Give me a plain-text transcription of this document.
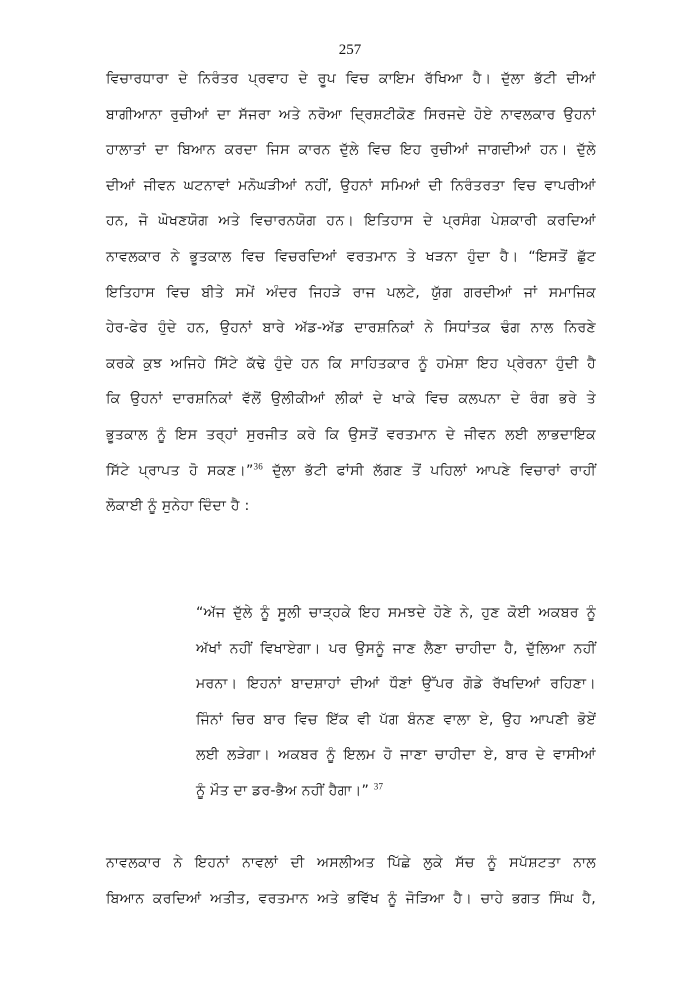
257
ਵਿਚਾਰਧਾਰਾ ਦੇ ਨਿਰੰਤਰ ਪ੍ਰਵਾਹ ਦੇ ਰੂਪ ਵਿਚ ਕਾਇਮ ਰੱਖਿਆ ਹੈ। ਦੁੱਲਾ ਭੱਟੀ ਦੀਆਂ
ਬਾਗੀਆਨਾ ਰੁਚੀਆਂ ਦਾ ਸੱਜਰਾ ਅਤੇ ਨਰੋਆ ਦ੍ਰਿਸ਼ਟੀਕੋਣ ਸਿਰਜਦੇ ਹੋਏ ਨਾਵਲਕਾਰ ਉਹਨਾਂ
ਹਾਲਾਤਾਂ ਦਾ ਬਿਆਨ ਕਰਦਾ ਜਿਸ ਕਾਰਨ ਦੁੱਲੇ ਵਿਚ ਇਹ ਰੁਚੀਆਂ ਜਾਗਦੀਆਂ ਹਨ। ਦੁੱਲੇ
ਦੀਆਂ ਜੀਵਨ ਘਟਨਾਵਾਂ ਮਨੋਘੜੀਆਂ ਨਹੀਂ, ਉਹਨਾਂ ਸਮਿਆਂ ਦੀ ਨਿਰੰਤਰਤਾ ਵਿਚ ਵਾਪਰੀਆਂ
ਹਨ, ਜੋ ਘੋਖਣਯੋਗ ਅਤੇ ਵਿਚਾਰਨਯੋਗ ਹਨ। ਇਤਿਹਾਸ ਦੇ ਪ੍ਰਸੰਗ ਪੇਸ਼ਕਾਰੀ ਕਰਦਿਆਂ
ਨਾਵਲਕਾਰ ਨੇ ਭੂਤਕਾਲ ਵਿਚ ਵਿਚਰਦਿਆਂ ਵਰਤਮਾਨ ਤੇ ਖੜਨਾ ਹੁੰਦਾ ਹੈ। “ਇਸਤੋਂ ਛੁੱਟ
ਇਤਿਹਾਸ ਵਿਚ ਬੀਤੇ ਸਮੇਂ ਅੰਦਰ ਜਿਹੜੇ ਰਾਜ ਪਲਟੇ, ਯੁੱਗ ਗਰਦੀਆਂ ਜਾਂ ਸਮਾਜਿਕ
ਹੇਰ-ਫੇਰ ਹੁੰਦੇ ਹਨ, ਉਹਨਾਂ ਬਾਰੇ ਅੱਡ-ਅੱਡ ਦਾਰਸ਼ਨਿਕਾਂ ਨੇ ਸਿਧਾਂਤਕ ਢੰਗ ਨਾਲ ਨਿਰਣੇ
ਕਰਕੇ ਕੁਝ ਅਜਿਹੇ ਸਿੱਟੇ ਕੱਢੇ ਹੁੰਦੇ ਹਨ ਕਿ ਸਾਹਿਤਕਾਰ ਨੂੰ ਹਮੇਸ਼ਾ ਇਹ ਪ੍ਰੇਰਨਾ ਹੁੰਦੀ ਹੈ
ਕਿ ਉਹਨਾਂ ਦਾਰਸ਼ਨਿਕਾਂ ਵੱਲੋਂ ਉਲੀਕੀਆਂ ਲੀਕਾਂ ਦੇ ਖਾਕੇ ਵਿਚ ਕਲਪਨਾ ਦੇ ਰੰਗ ਭਰੇ ਤੇ
ਭੂਤਕਾਲ ਨੂੰ ਇਸ ਤਰ੍ਹਾਂ ਸੁਰਜੀਤ ਕਰੇ ਕਿ ਉਸਤੋਂ ਵਰਤਮਾਨ ਦੇ ਜੀਵਨ ਲਈ ਲਾਭਦਾਇਕ
ਸਿੱਟੇ ਪ੍ਰਾਪਤ ਹੋ ਸਕਣ।”$^{36}$ ਦੁੱਲਾ ਭੱਟੀ ਫਾਂਸੀ ਲੱਗਣ ਤੋਂ ਪਹਿਲਾਂ ਆਪਣੇ ਵਿਚਾਰਾਂ ਰਾਹੀਂ
ਲੋਕਾਈ ਨੂੰ ਸੁਨੇਹਾ ਦਿੰਦਾ ਹੈ :
“ਅੱਜ ਦੁੱਲੇ ਨੂੰ ਸੂਲੀ ਚਾੜ੍ਹਕੇ ਇਹ ਸਮਝਦੇ ਹੋਣੇ ਨੇ, ਹੁਣ ਕੋਈ ਅਕਬਰ ਨੂੰ
ਅੱਖਾਂ ਨਹੀਂ ਵਿਖਾਏਗਾ। ਪਰ ਉਸਨੂੰ ਜਾਣ ਲੈਣਾ ਚਾਹੀਦਾ ਹੈ, ਦੁੱਲਿਆ ਨਹੀਂ
ਮਰਨਾ। ਇਹਨਾਂ ਬਾਦਸ਼ਾਹਾਂ ਦੀਆਂ ਧੌਣਾਂ ਉੱਪਰ ਗੋਡੇ ਰੱਖਦਿਆਂ ਰਹਿਣਾ।
ਜਿੰਨਾਂ ਚਿਰ ਬਾਰ ਵਿਚ ਇੱਕ ਵੀ ਪੱਗ ਬੰਨਣ ਵਾਲਾ ਏ, ਉਹ ਆਪਣੀ ਭੋਏਂ
ਲਈ ਲੜੇਗਾ। ਅਕਬਰ ਨੂੰ ਇਲਮ ਹੋ ਜਾਣਾ ਚਾਹੀਦਾ ਏ, ਬਾਰ ਦੇ ਵਾਸੀਆਂ
ਨੂੰ ਮੌਤ ਦਾ ਡਰ-ਭੈਅ ਨਹੀਂ ਹੈਗਾ।” $^{37}$
ਨਾਵਲਕਾਰ ਨੇ ਇਹਨਾਂ ਨਾਵਲਾਂ ਦੀ ਅਸਲੀਅਤ ਪਿੱਛੇ ਲੁਕੇ ਸੱਚ ਨੂੰ ਸਪੱਸ਼ਟਤਾ ਨਾਲ
ਬਿਆਨ ਕਰਦਿਆਂ ਅਤੀਤ, ਵਰਤਮਾਨ ਅਤੇ ਭਵਿੱਖ ਨੂੰ ਜੋੜਿਆ ਹੈ। ਚਾਹੇ ਭਗਤ ਸਿੰਘ ਹੈ,
